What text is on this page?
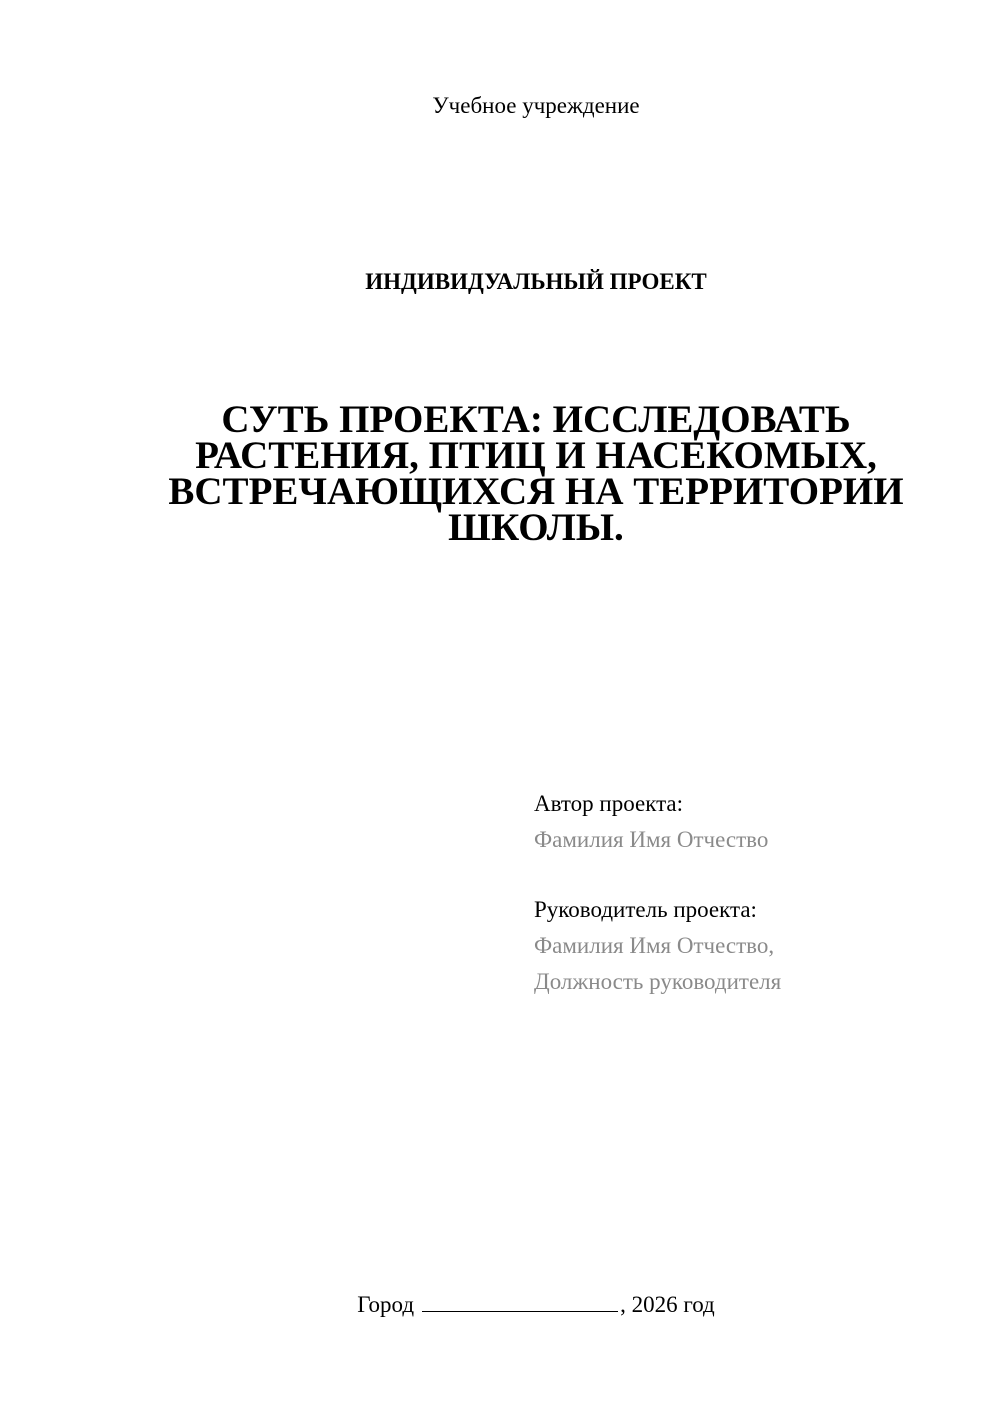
Учебное учреждение
ИНДИВИДУАЛЬНЫЙ ПРОЕКТ
СУТЬ ПРОЕКТА: ИССЛЕДОВАТЬ
РАСТЕНИЯ, ПТИЦ И НАСЕКОМЫХ,
ВСТРЕЧАЮЩИХСЯ НА ТЕРРИТОРИИ
ШКОЛЫ.
Автор проекта:
Фамилия Имя Отчество
Руководитель проекта:
Фамилия Имя Отчество,
Должность руководителя
Город	, 2026 год
